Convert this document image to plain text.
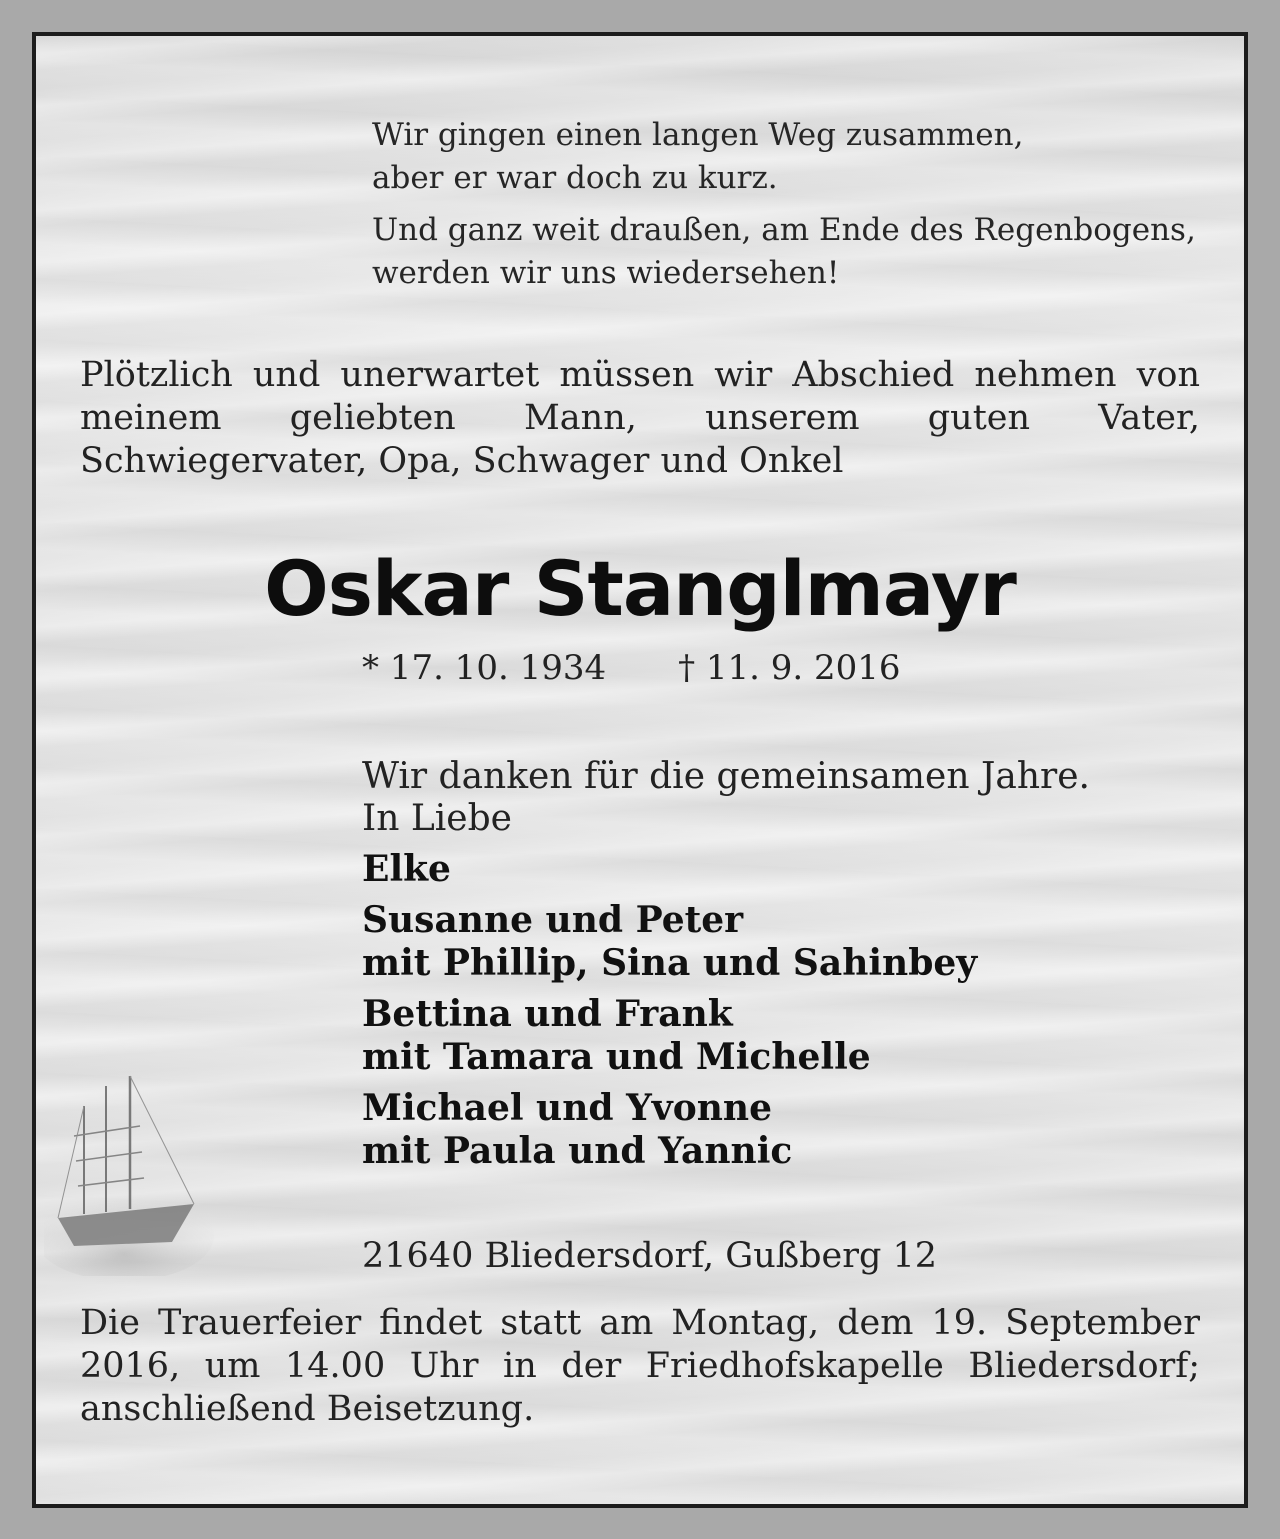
Wir gingen einen langen Weg zusammen,
aber er war doch zu kurz.

Und ganz weit draußen, am Ende des Regenbogens,
werden wir uns wiedersehen!

Plötzlich und unerwartet müssen wir Abschied nehmen von meinem geliebten Mann, unserem guten Vater, Schwiegervater, Opa, Schwager und Onkel
Oskar Stanglmayr
* 17. 10. 1934 † 11. 9. 2016
Wir danken für die gemeinsamen Jahre.
In Liebe
Elke
Susanne und Peter
mit Phillip, Sina und Sahinbey
Bettina und Frank
mit Tamara und Michelle
Michael und Yvonne
mit Paula und Yannic
21640 Bliedersdorf, Gußberg 12
Die Trauerfeier findet statt am Montag, dem 19. September 2016, um 14.00 Uhr in der Friedhofskapelle Bliedersdorf; anschließend Beisetzung.
